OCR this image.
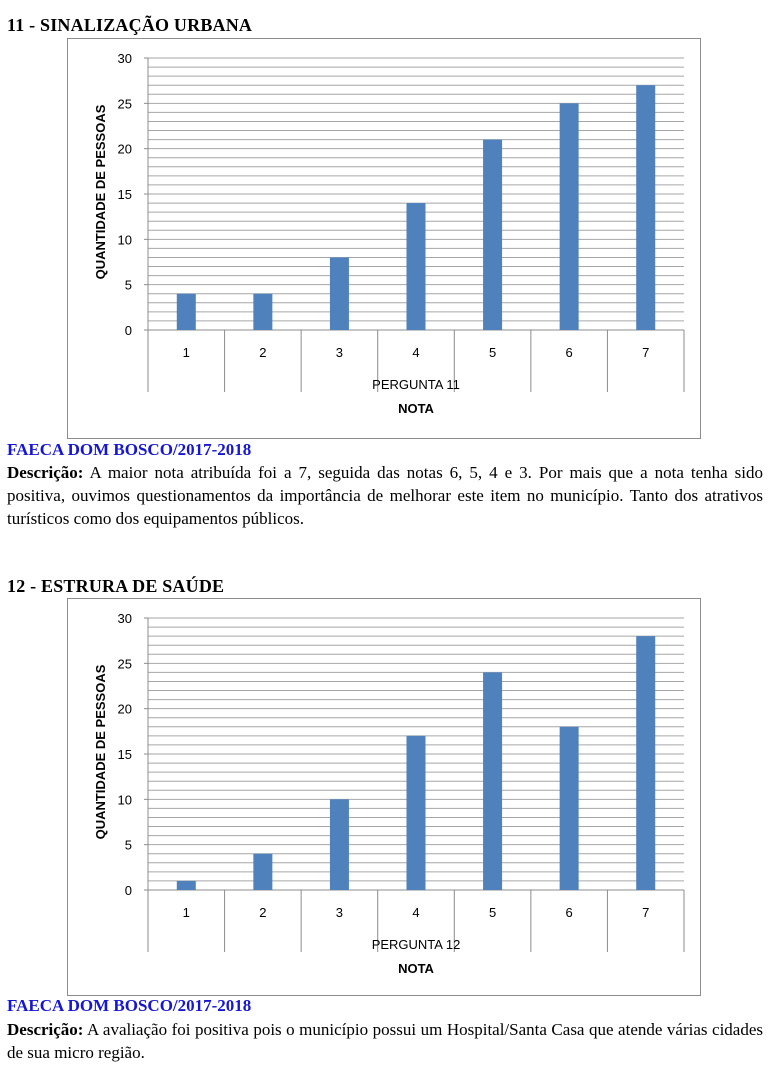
11 - SINALIZAÇÃO URBANA
0
5
10
15
20
25
30
1	2	3	4	5	6	7
PERGUNTA 11
NOTA
QUANTIDADE DE PESSOAS

FAECA DOM BOSCO/2017-2018

Descrição: A maior nota atribuída foi a 7, seguida das notas 6, 5, 4 e 3. Por mais que a nota tenha sido positiva, ouvimos questionamentos da importância de melhorar este item no município. Tanto dos atrativos turísticos como dos equipamentos públicos.

12 - ESTRURA DE SAÚDE
0
5
10
15
20
25
30
1	2	3	4	5	6	7
PERGUNTA 12
NOTA
QUANTIDADE DE PESSOAS

FAECA DOM BOSCO/2017-2018

Descrição: A avaliação foi positiva pois o município possui um Hospital/Santa Casa que atende várias cidades de sua micro região.
